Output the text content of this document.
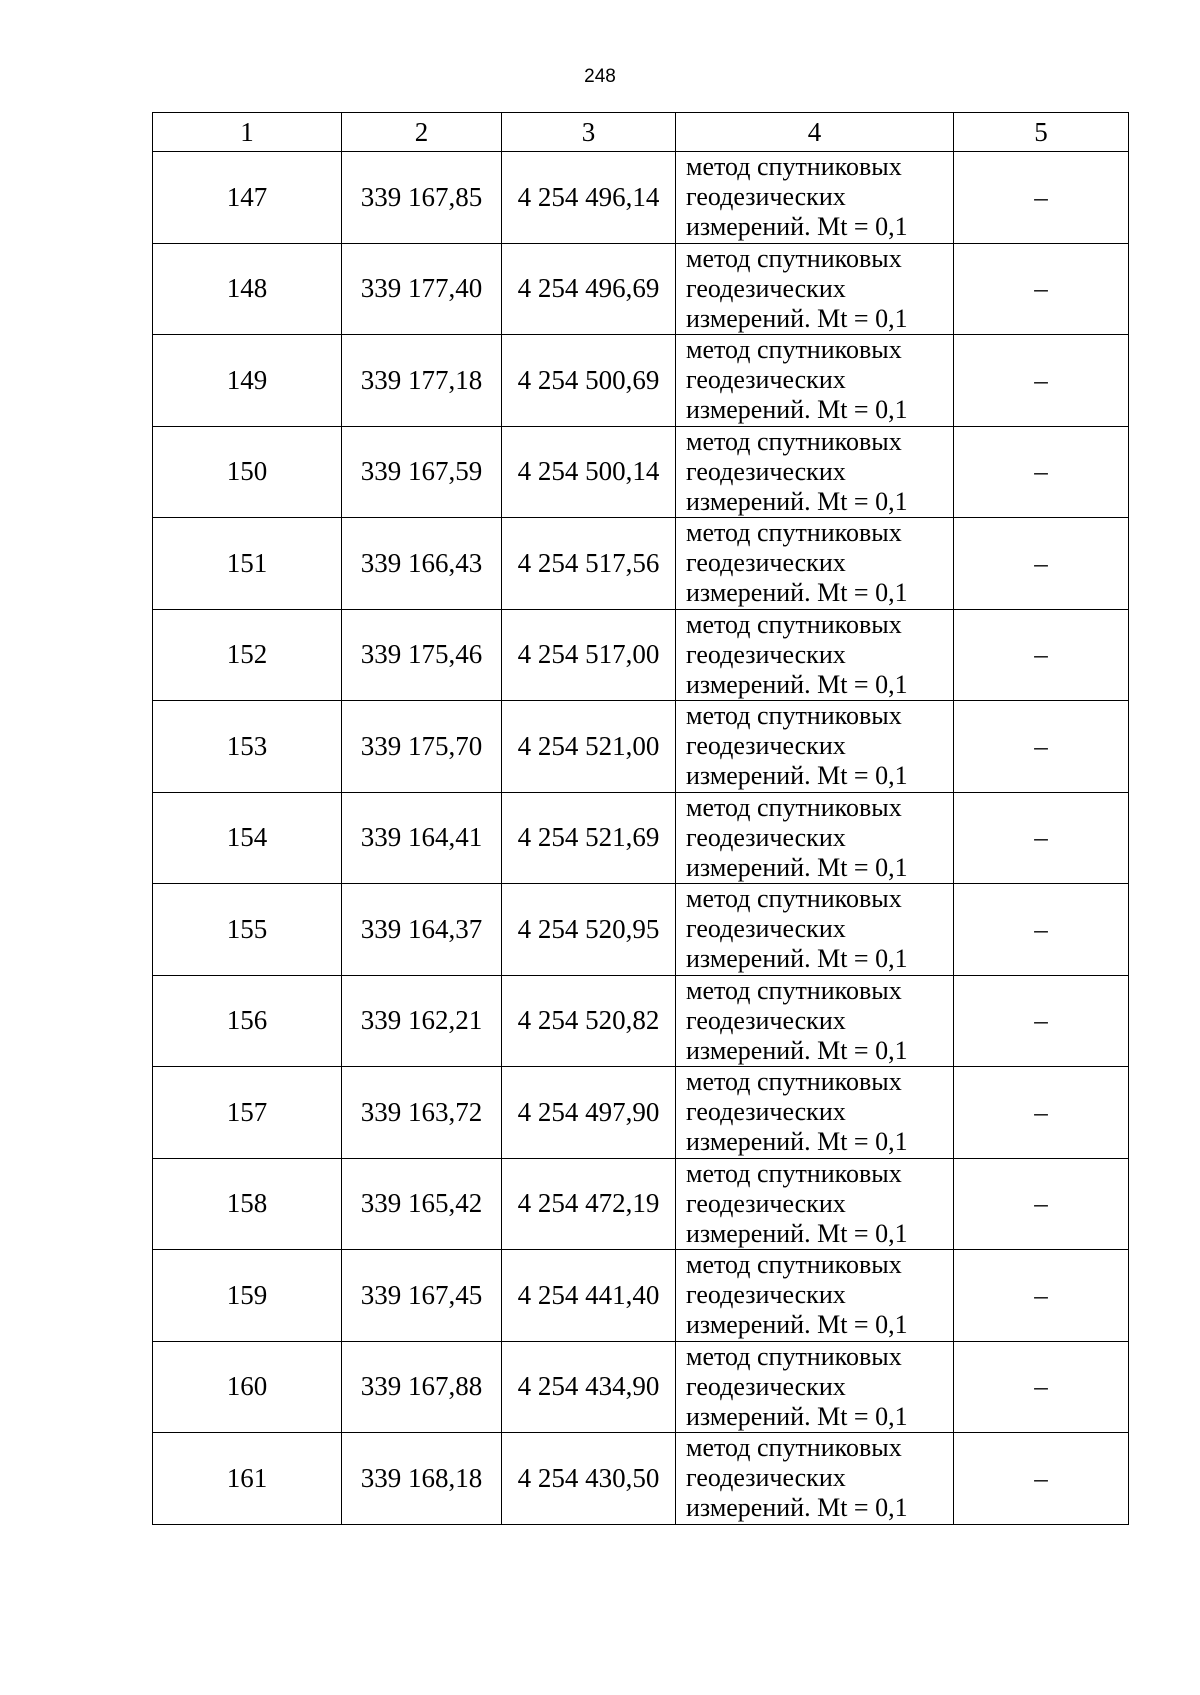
248
1	2	3	4	5
147	339 167,85	4 254 496,14	метод спутниковых
геодезических
измерений. Mt = 0,1	–
148	339 177,40	4 254 496,69	метод спутниковых
геодезических
измерений. Mt = 0,1	–
149	339 177,18	4 254 500,69	метод спутниковых
геодезических
измерений. Mt = 0,1	–
150	339 167,59	4 254 500,14	метод спутниковых
геодезических
измерений. Mt = 0,1	–
151	339 166,43	4 254 517,56	метод спутниковых
геодезических
измерений. Mt = 0,1	–
152	339 175,46	4 254 517,00	метод спутниковых
геодезических
измерений. Mt = 0,1	–
153	339 175,70	4 254 521,00	метод спутниковых
геодезических
измерений. Mt = 0,1	–
154	339 164,41	4 254 521,69	метод спутниковых
геодезических
измерений. Mt = 0,1	–
155	339 164,37	4 254 520,95	метод спутниковых
геодезических
измерений. Mt = 0,1	–
156	339 162,21	4 254 520,82	метод спутниковых
геодезических
измерений. Mt = 0,1	–
157	339 163,72	4 254 497,90	метод спутниковых
геодезических
измерений. Mt = 0,1	–
158	339 165,42	4 254 472,19	метод спутниковых
геодезических
измерений. Mt = 0,1	–
159	339 167,45	4 254 441,40	метод спутниковых
геодезических
измерений. Mt = 0,1	–
160	339 167,88	4 254 434,90	метод спутниковых
геодезических
измерений. Mt = 0,1	–
161	339 168,18	4 254 430,50	метод спутниковых
геодезических
измерений. Mt = 0,1	–
